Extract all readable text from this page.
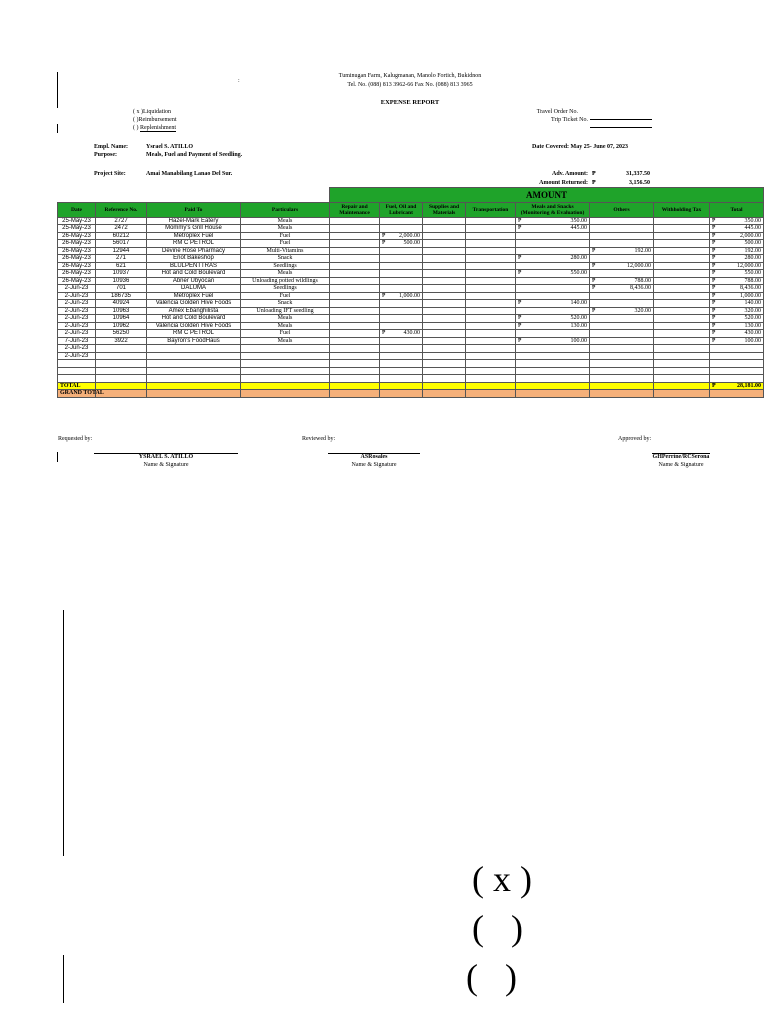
:
Tuminugan Farm, Kalugmanan, Manolo Fortich, Bukidnon
Tel. No. (088) 813 3962-66 Fax No. (088) 813 3965
EXPENSE REPORT
( x )Liquidation
( )Reimbursement
( ) Replenishment
Travel Order No.
Trip Ticket No.
Empl. Name:	Ysrael S. ATILLO
Purpose:	Meals, Fuel and Payment of Seedling.
Date Covered: May 25- June 07, 2023
Project Site:	Amai Manabilang Lanao Del Sur.	Adv. Amount: ₱	31,337.50
Amount Returned: ₱	3,156.50
				AMOUNT							
Date	Reference No.	Paid To	Particulars	Repair and Maintenance	Fuel, Oil and Lubricant	Supplies and Materials	Transportation	Meals and Snacks (Monitoring & Evaluation)	Others	Withholding Tax	Total
25-May-23	2727	Hazel-Mark Eatery	Meals					₱ 350.00			₱ 350.00
25-May-23	2472	Mommy's Grill House	Meals					₱ 445.00			₱ 445.00
26-May-23	60212	Metroplex Fuel	Fuel		₱ 2,000.00						₱ 2,000.00
26-May-23	56017	RM C PETROL	Fuel		₱ 500.00						₱ 500.00
26-May-23	12944	Devine Rose Pharmacy	Multi-Vitamins						₱ 192.00		₱ 192.00
26-May-23	271	Enot Bakeshop	Snack					₱ 280.00			₱ 280.00
26-May-23	621	BLULPENTTRAS	Seedlings						₱ 12,000.00		₱ 12,000.00
26-May-23	10937	Hot and Cold Boulevard	Meals					₱ 550.00			₱ 550.00
26-May-23	10936	Abner Ubyocan	Unloading potted wildlings						₱ 788.00		₱ 788.00
2-Jun-23	701	DALUMA	Seedlings						₱ 8,436.00		₱ 8,436.00
2-Jun-23	186735	Metroplex Fuel	Fuel		₱ 1,000.00						₱ 1,000.00
2-Jun-23	40924	Valencia Golden Hive Foods	Snack					₱ 140.00			₱ 140.00
2-Jun-23	10963	Amex Ebanghilista	Unloading IFT seedling						₱ 320.00		₱ 320.00
2-Jun-23	10964	Hot and Cold Boulevard	Meals					₱ 520.00			₱ 520.00
2-Jun-23	10962	Valencia Golden Hive Foods	Meals					₱ 130.00			₱ 130.00
2-Jun-23	56250	RM C PETROL	Fuel		₱ 430.00						₱ 430.00
7-Jun-23	3922	Bayron's FoodHaus	Meals					₱ 100.00			₱ 100.00
2-Jun-23											
2-Jun-23											

TOTAL											₱ 28,181.00
GRAND TOTAL											
Requested by:	Reviewed by:	Approved by:
YSRAEL S. ATILLO	ASRosales	GHPerrine/RCSerona
Name & Signature	Name & Signature	Name & Signature
( x )
(   )
(   )
